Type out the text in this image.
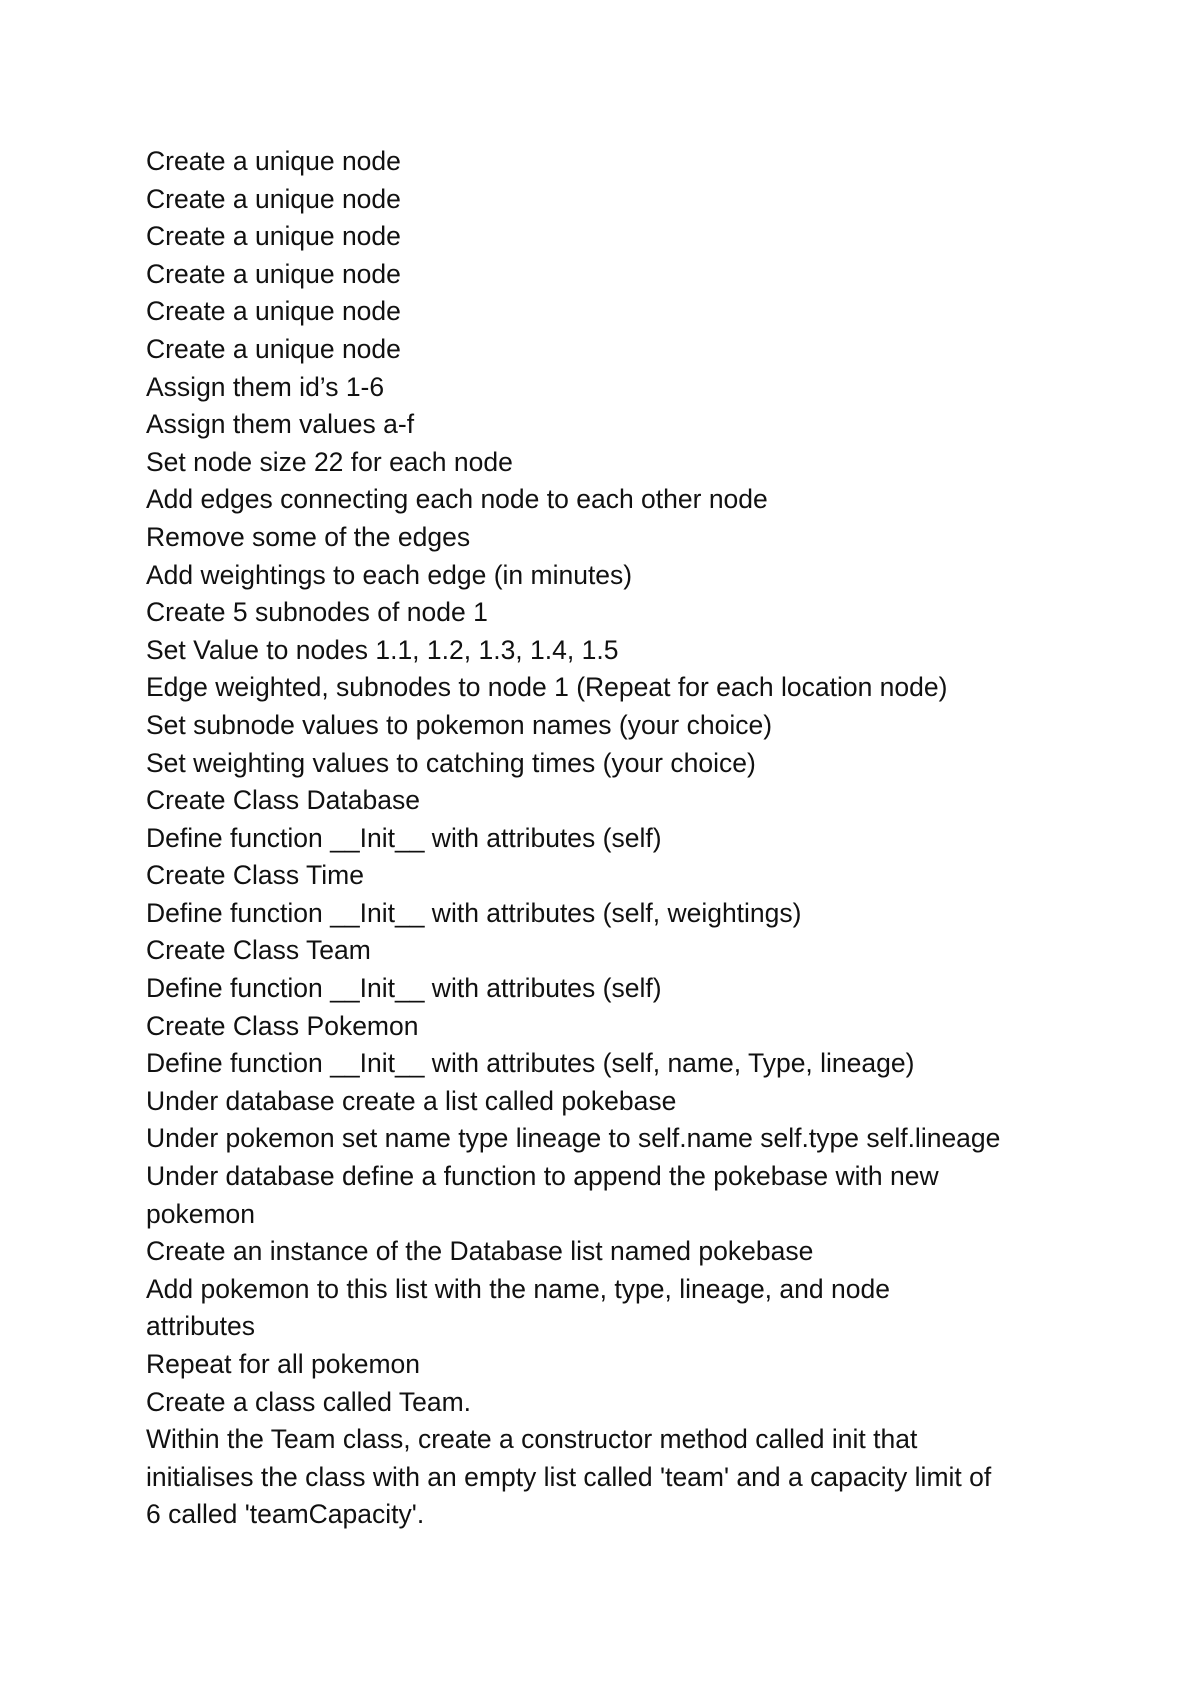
Create a unique node
Create a unique node
Create a unique node
Create a unique node
Create a unique node
Create a unique node
Assign them id’s 1-6
Assign them values a-f
Set node size 22 for each node
Add edges connecting each node to each other node
Remove some of the edges
Add weightings to each edge (in minutes)
Create 5 subnodes of node 1
Set Value to nodes 1.1, 1.2, 1.3, 1.4, 1.5
Edge weighted, subnodes to node 1 (Repeat for each location node)
Set subnode values to pokemon names (your choice)
Set weighting values to catching times (your choice)
Create Class Database
Define function __Init__ with attributes (self)
Create Class Time
Define function __Init__ with attributes (self, weightings)
Create Class Team
Define function __Init__ with attributes (self)
Create Class Pokemon
Define function __Init__ with attributes (self, name, Type, lineage)
Under database create a list called pokebase
Under pokemon set name type lineage to self.name self.type self.lineage
Under database define a function to append the pokebase with new
pokemon
Create an instance of the Database list named pokebase
Add pokemon to this list with the name, type, lineage, and node
attributes
Repeat for all pokemon
Create a class called Team.
Within the Team class, create a constructor method called init that
initialises the class with an empty list called 'team' and a capacity limit of
6 called 'teamCapacity'.
